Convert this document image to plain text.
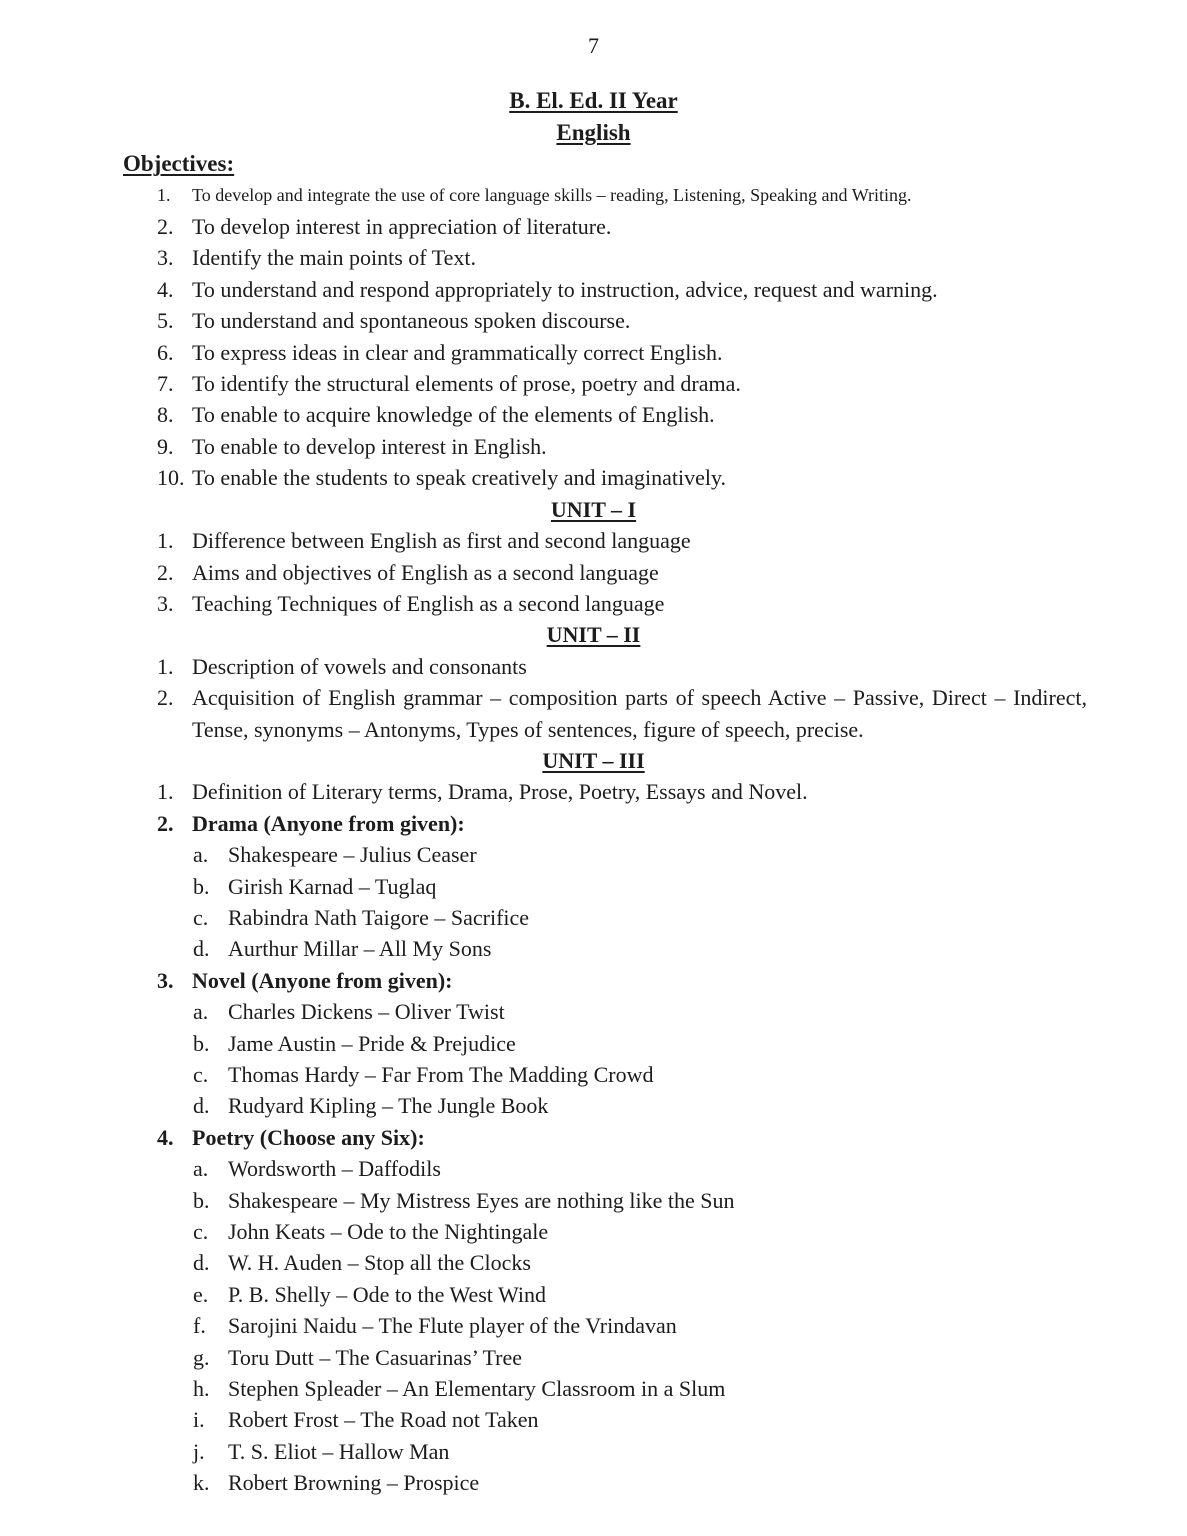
7
B. El. Ed. II Year
English
Objectives:
1.	To develop and integrate the use of core language skills – reading, Listening, Speaking and Writing.
2. To develop interest in appreciation of literature.
3. Identify the main points of Text.
4. To understand and respond appropriately to instruction, advice, request and warning.
5. To understand and spontaneous spoken discourse.
6. To express ideas in clear and grammatically correct English.
7. To identify the structural elements of prose, poetry and drama.
8. To enable to acquire knowledge of the elements of English.
9. To enable to develop interest in English.
10. To enable the students to speak creatively and imaginatively.
UNIT – I
1. Difference between English as first and second language
2. Aims and objectives of English as a second language
3. Teaching Techniques of English as a second language
UNIT – II
1. Description of vowels and consonants
2. Acquisition of English grammar – composition parts of speech Active – Passive, Direct – Indirect, Tense, synonyms – Antonyms, Types of sentences, figure of speech, precise.
UNIT – III
1. Definition of Literary terms, Drama, Prose, Poetry, Essays and Novel.
2. Drama (Anyone from given):
a. Shakespeare – Julius Ceaser
b. Girish Karnad – Tuglaq
c. Rabindra Nath Taigore – Sacrifice
d. Aurthur Millar – All My Sons
3. Novel (Anyone from given):
a. Charles Dickens – Oliver Twist
b. Jame Austin – Pride & Prejudice
c. Thomas Hardy – Far From The Madding Crowd
d. Rudyard Kipling – The Jungle Book
4. Poetry (Choose any Six):
a. Wordsworth – Daffodils
b. Shakespeare – My Mistress Eyes are nothing like the Sun
c. John Keats – Ode to the Nightingale
d. W. H. Auden – Stop all the Clocks
e. P. B. Shelly – Ode to the West Wind
f.	Sarojini Naidu – The Flute player of the Vrindavan
g. Toru Dutt – The Casuarinas’ Tree
h. Stephen Spleader – An Elementary Classroom in a Slum
i.	Robert Frost – The Road not Taken
j.	T. S. Eliot – Hallow Man
k. Robert Browning – Prospice
